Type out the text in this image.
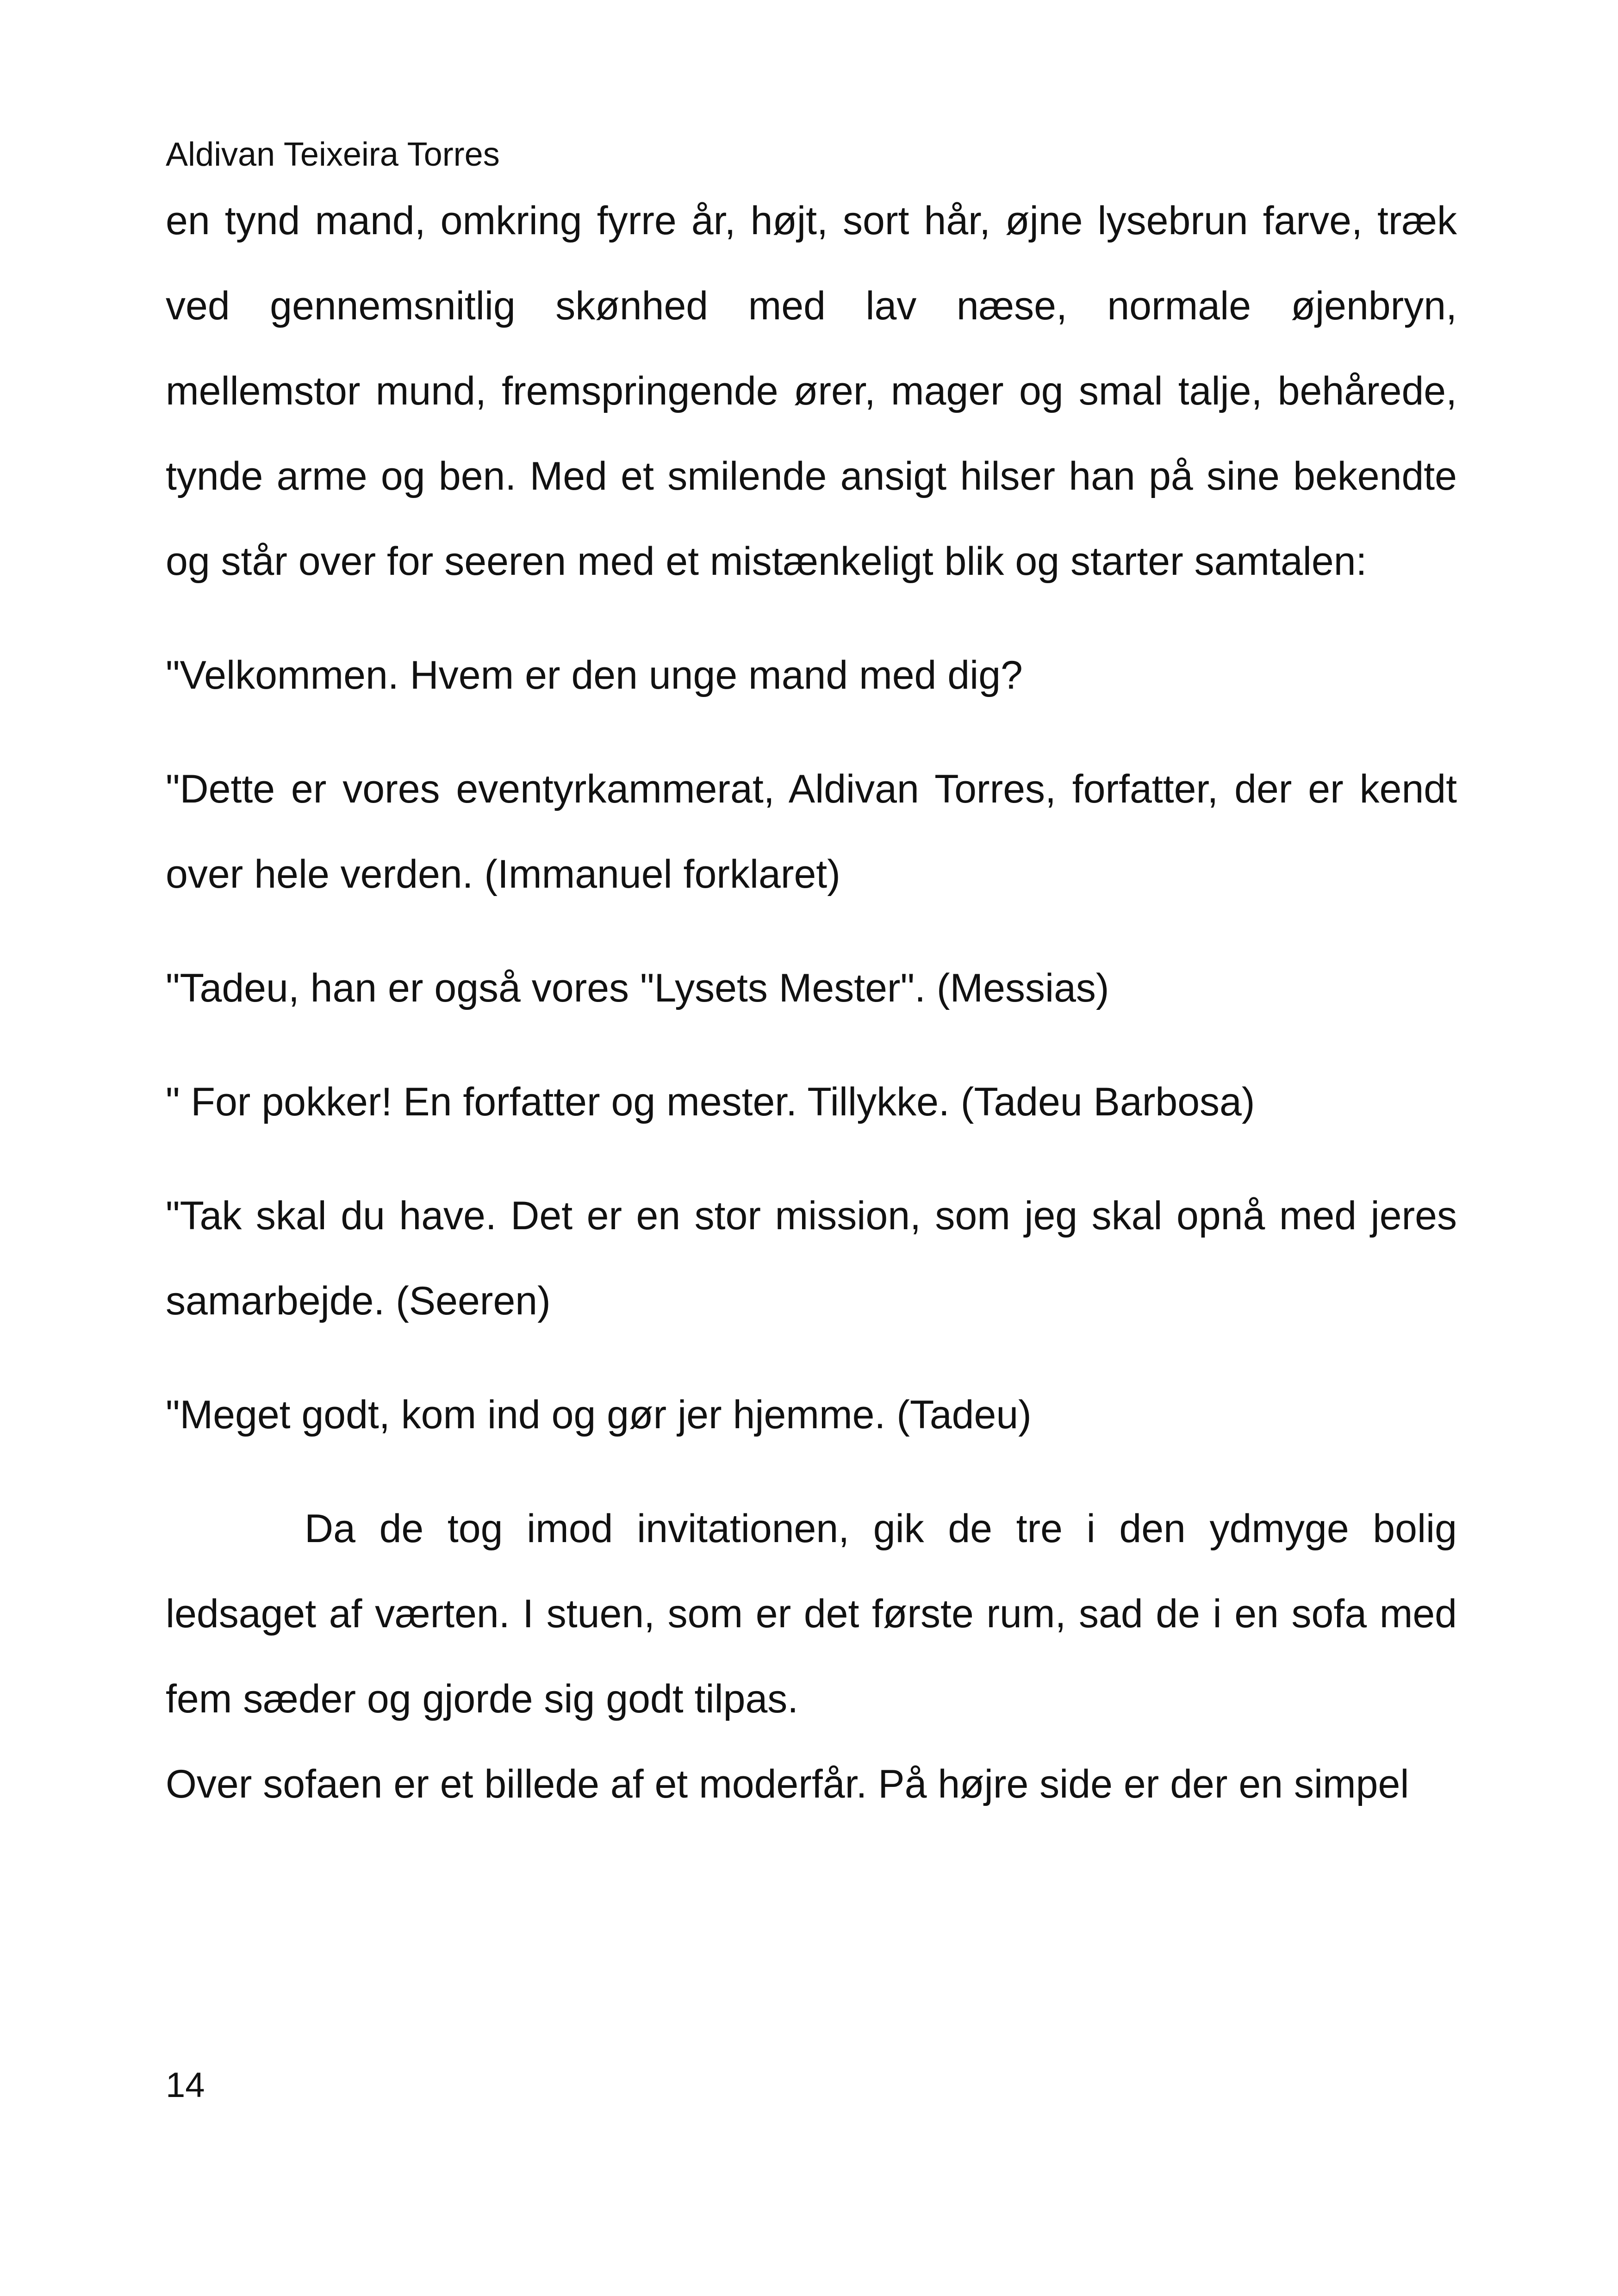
Aldivan Teixeira Torres

en tynd mand, omkring fyrre år, højt, sort hår, øjne lysebrun farve, træk ved gennemsnitlig skønhed med lav næse, normale øjenbryn, mellemstor mund, fremspringende ører, mager og smal talje, behårede, tynde arme og ben. Med et smilende ansigt hilser han på sine bekendte og står over for seeren med et mistænkeligt blik og starter samtalen:

"Velkommen. Hvem er den unge mand med dig?

"Dette er vores eventyrkammerat, Aldivan Torres, forfatter, der er kendt over hele verden. (Immanuel forklaret)

"Tadeu, han er også vores "Lysets Mester". (Messias)

" For pokker! En forfatter og mester. Tillykke. (Tadeu Barbosa)

"Tak skal du have. Det er en stor mission, som jeg skal opnå med jeres samarbejde. (Seeren)

"Meget godt, kom ind og gør jer hjemme. (Tadeu)

Da de tog imod invitationen, gik de tre i den ydmyge bolig ledsaget af værten. I stuen, som er det første rum, sad de i en sofa med fem sæder og gjorde sig godt tilpas.
Over sofaen er et billede af et moderfår. På højre side er der en simpel

14
